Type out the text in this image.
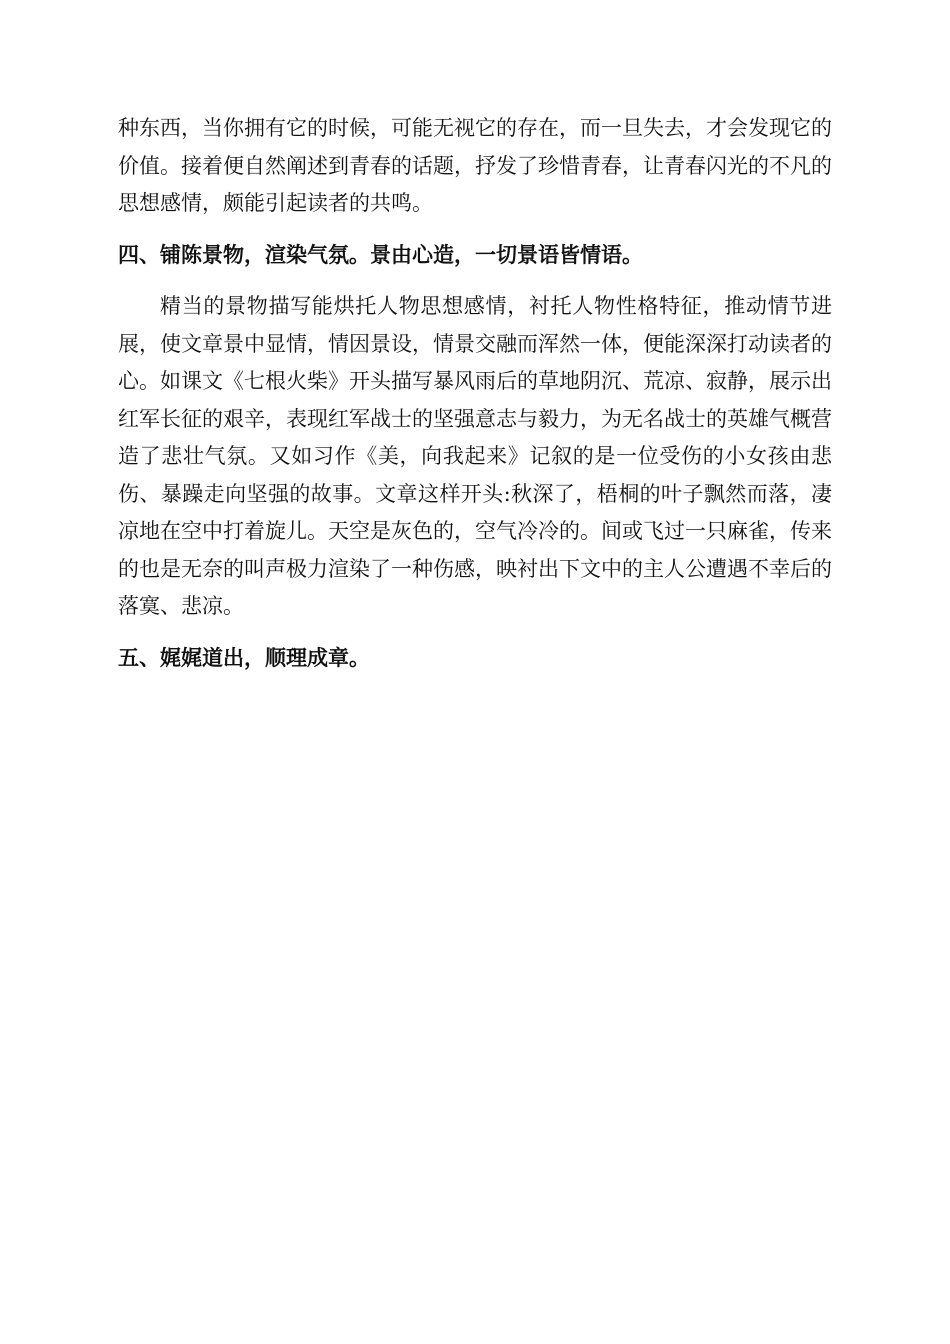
种东西，当你拥有它的时候，可能无视它的存在，而一旦失去，才会发现它的价值。接着便自然阐述到青春的话题，抒发了珍惜青春，让青春闪光的不凡的思想感情，颇能引起读者的共鸣。

四、铺陈景物，渲染气氛。景由心造，一切景语皆情语。

精当的景物描写能烘托人物思想感情，衬托人物性格特征，推动情节进展，使文章景中显情，情因景设，情景交融而浑然一体，便能深深打动读者的心。如课文《七根火柴》开头描写暴风雨后的草地阴沉、荒凉、寂静，展示出红军长征的艰辛，表现红军战士的坚强意志与毅力，为无名战士的英雄气概营造了悲壮气氛。又如习作《美，向我起来》记叙的是一位受伤的小女孩由悲伤、暴躁走向坚强的故事。文章这样开头:秋深了，梧桐的叶子飘然而落，凄凉地在空中打着旋儿。天空是灰色的，空气冷冷的。间或飞过一只麻雀，传来的也是无奈的叫声极力渲染了一种伤感，映衬出下文中的主人公遭遇不幸后的落寞、悲凉。

五、娓娓道出，顺理成章。
